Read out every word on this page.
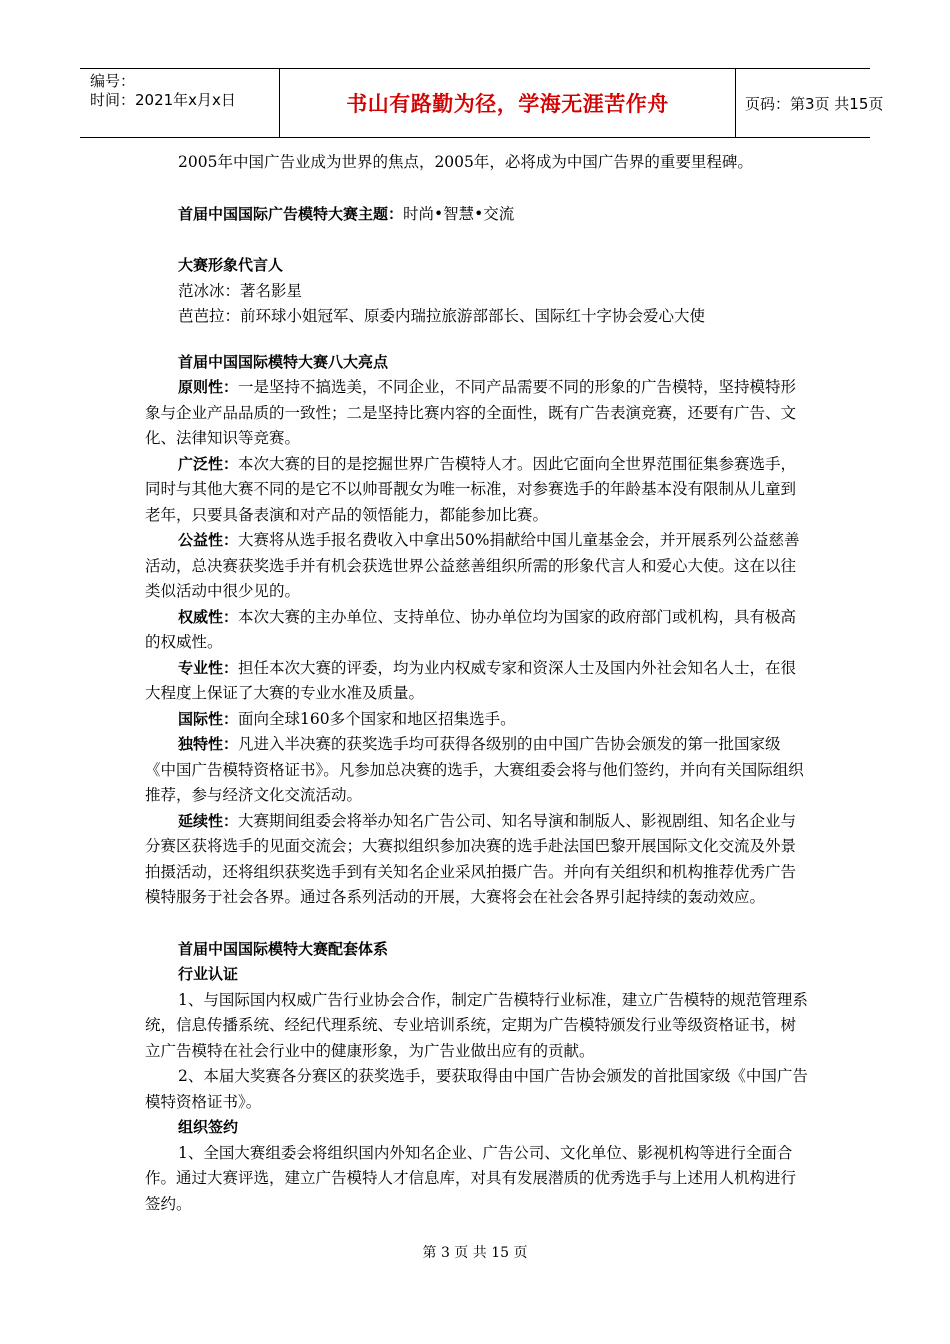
编号：
时间：2021年x月x日	书山有路勤为径，学海无涯苦作舟	页码：第3页 共15页

2005年中国广告业成为世界的焦点，2005年，必将成为中国广告界的重要里程碑。

首届中国国际广告模特大赛主题：时尚•智慧•交流

大赛形象代言人

范冰冰：著名影星

芭芭拉：前环球小姐冠军、原委内瑞拉旅游部部长、国际红十字协会爱心大使

首届中国国际模特大赛八大亮点

原则性：一是坚持不搞选美，不同企业，不同产品需要不同的形象的广告模特，坚持模特形象与企业产品品质的一致性；二是坚持比赛内容的全面性，既有广告表演竞赛，还要有广告、文化、法律知识等竞赛。

广泛性：本次大赛的目的是挖掘世界广告模特人才。因此它面向全世界范围征集参赛选手，同时与其他大赛不同的是它不以帅哥靓女为唯一标准，对参赛选手的年龄基本没有限制从儿童到老年，只要具备表演和对产品的领悟能力，都能参加比赛。

公益性：大赛将从选手报名费收入中拿出50%捐献给中国儿童基金会，并开展系列公益慈善活动，总决赛获奖选手并有机会获选世界公益慈善组织所需的形象代言人和爱心大使。这在以往类似活动中很少见的。

权威性：本次大赛的主办单位、支持单位、协办单位均为国家的政府部门或机构，具有极高的权威性。

专业性：担任本次大赛的评委，均为业内权威专家和资深人士及国内外社会知名人士，在很大程度上保证了大赛的专业水准及质量。

国际性：面向全球160多个国家和地区招集选手。

独特性：凡进入半决赛的获奖选手均可获得各级别的由中国广告协会颁发的第一批国家级《中国广告模特资格证书》。凡参加总决赛的选手，大赛组委会将与他们签约，并向有关国际组织推荐，参与经济文化交流活动。

延续性：大赛期间组委会将举办知名广告公司、知名导演和制版人、影视剧组、知名企业与分赛区获将选手的见面交流会；大赛拟组织参加决赛的选手赴法国巴黎开展国际文化交流及外景拍摄活动，还将组织获奖选手到有关知名企业采风拍摄广告。并向有关组织和机构推荐优秀广告模特服务于社会各界。通过各系列活动的开展，大赛将会在社会各界引起持续的轰动效应。

首届中国国际模特大赛配套体系

行业认证

1、与国际国内权威广告行业协会合作，制定广告模特行业标准，建立广告模特的规范管理系统，信息传播系统、经纪代理系统、专业培训系统，定期为广告模特颁发行业等级资格证书，树立广告模特在社会行业中的健康形象，为广告业做出应有的贡献。

2、本届大奖赛各分赛区的获奖选手，要获取得由中国广告协会颁发的首批国家级《中国广告模特资格证书》。

组织签约

1、全国大赛组委会将组织国内外知名企业、广告公司、文化单位、影视机构等进行全面合作。通过大赛评选，建立广告模特人才信息库，对具有发展潜质的优秀选手与上述用人机构进行签约。

第 3 页 共 15 页
